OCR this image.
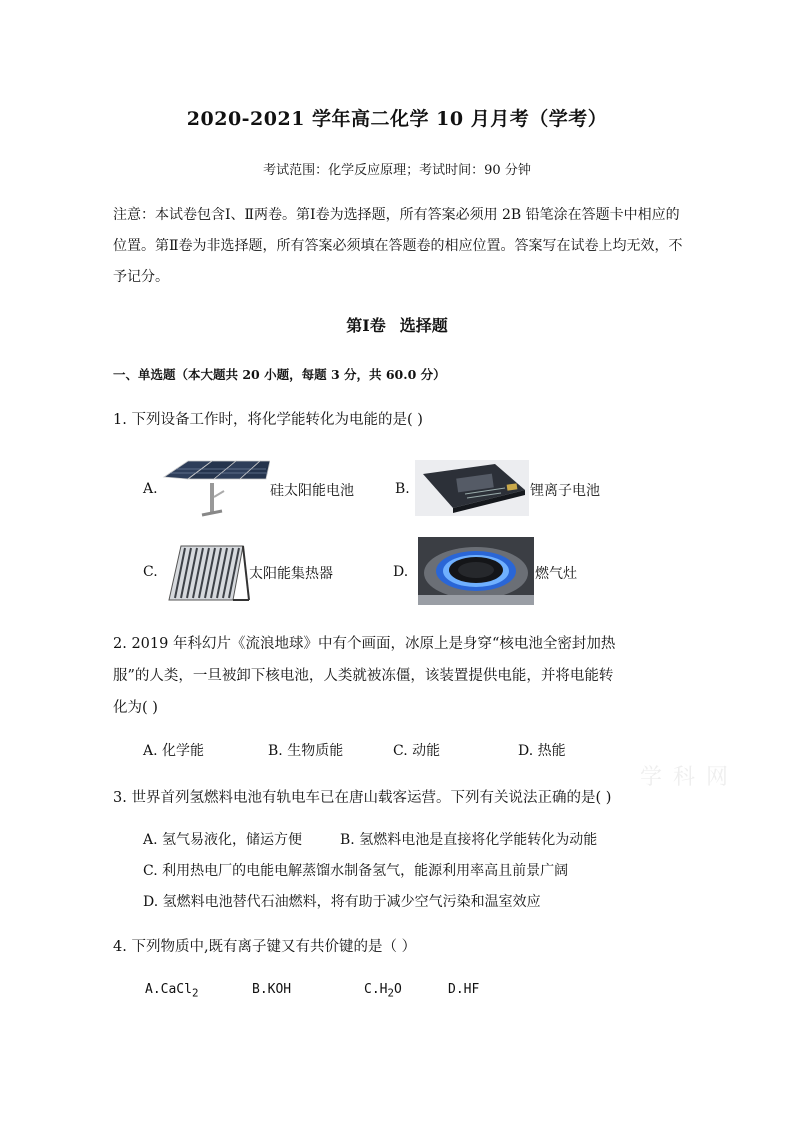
2020-2021 学年高二化学 10 月月考（学考）
考试范围：化学反应原理；考试时间：90 分钟
注意：本试卷包含Ⅰ、Ⅱ两卷。第Ⅰ卷为选择题，所有答案必须用 2B 铅笔涂在答题卡中相应的位置。第Ⅱ卷为非选择题，所有答案必须填在答题卷的相应位置。答案写在试卷上均无效，不予记分。
第Ⅰ卷 选择题
一、单选题（本大题共 20 小题，每题 3 分，共 60.0 分）
1. 下列设备工作时，将化学能转化为电能的是( )
A.	硅太阳能电池	B.	锂离子电池
C.	太阳能集热器	D.	燃气灶
2. 2019 年科幻片《流浪地球》中有个画面，冰原上是身穿“核电池全密封加热
服”的人类，一旦被卸下核电池，人类就被冻僵，该装置提供电能，并将电能转
化为( )
A. 化学能	B. 生物质能	C. 动能	D. 热能
学 科 网
3. 世界首列氢燃料电池有轨电车已在唐山载客运营。下列有关说法正确的是( )
A. 氢气易液化，储运方便	B. 氢燃料电池是直接将化学能转化为动能
C. 利用热电厂的电能电解蒸馏水制备氢气，能源利用率高且前景广阔
D. 氢燃料电池替代石油燃料，将有助于减少空气污染和温室效应
4. 下列物质中,既有离子键又有共价键的是（ ）
A.CaCl$_2$	B.KOH	$C.H_2O$	D.HF
